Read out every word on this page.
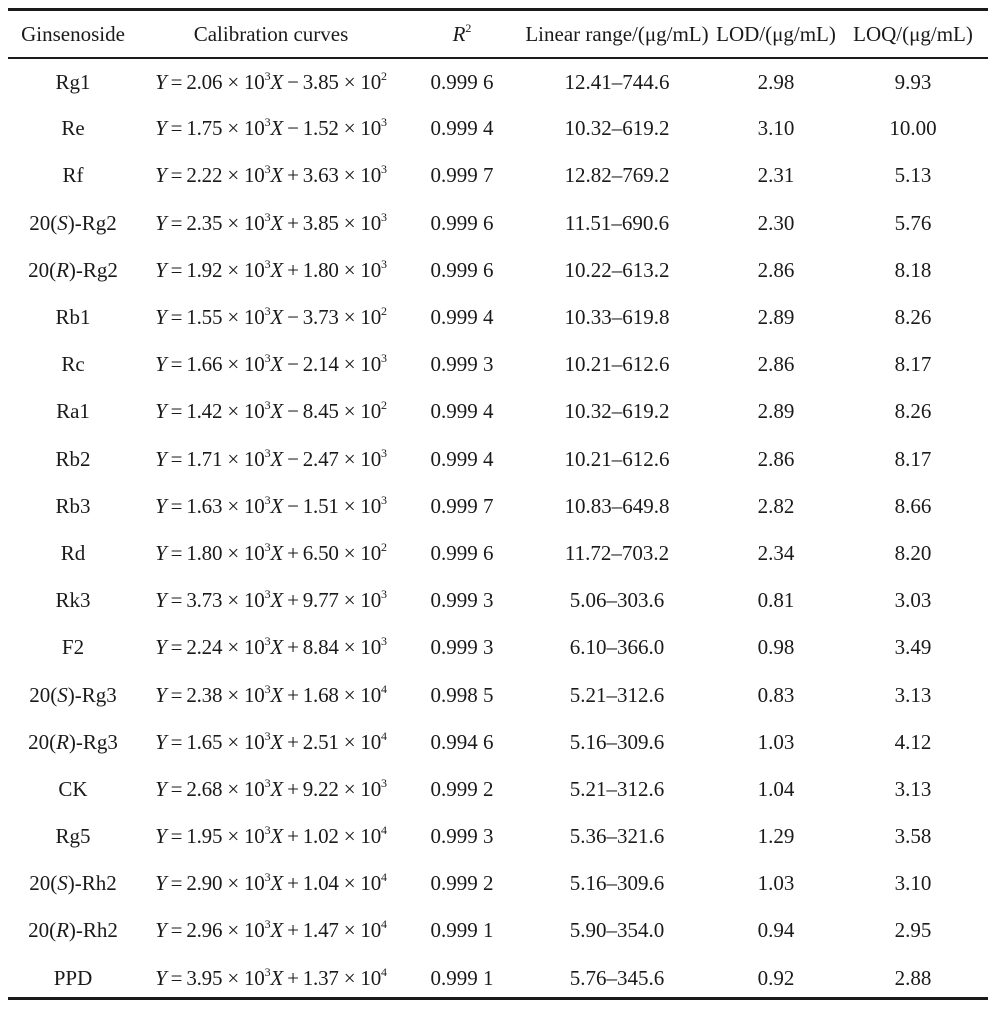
Ginsenoside	Calibration curves	$R^2$	Linear range/(μg/mL)	LOD/(μg/mL)	LOQ/(μg/mL)
Rg1	$Y = 2.06 \times 10^3X - 3.85 \times 10^2$	0.999 6	12.41–744.6	2.98	9.93
Re	$Y = 1.75 \times 10^3X - 1.52 \times 10^3$	0.999 4	10.32–619.2	3.10	10.00
Rf	$Y = 2.22 \times 10^3X + 3.63 \times 10^3$	0.999 7	12.82–769.2	2.31	5.13
20(S)-Rg2	$Y = 2.35 \times 10^3X + 3.85 \times 10^3$	0.999 6	11.51–690.6	2.30	5.76
20(R)-Rg2	$Y = 1.92 \times 10^3X + 1.80 \times 10^3$	0.999 6	10.22–613.2	2.86	8.18
Rb1	$Y = 1.55 \times 10^3X - 3.73 \times 10^2$	0.999 4	10.33–619.8	2.89	8.26
Rc	$Y = 1.66 \times 10^3X - 2.14 \times 10^3$	0.999 3	10.21–612.6	2.86	8.17
Ra1	$Y = 1.42 \times 10^3X - 8.45 \times 10^2$	0.999 4	10.32–619.2	2.89	8.26
Rb2	$Y = 1.71 \times 10^3X - 2.47 \times 10^3$	0.999 4	10.21–612.6	2.86	8.17
Rb3	$Y = 1.63 \times 10^3X - 1.51 \times 10^3$	0.999 7	10.83–649.8	2.82	8.66
Rd	$Y = 1.80 \times 10^3X + 6.50 \times 10^2$	0.999 6	11.72–703.2	2.34	8.20
Rk3	$Y = 3.73 \times 10^3X + 9.77 \times 10^3$	0.999 3	5.06–303.6	0.81	3.03
F2	$Y = 2.24 \times 10^3X + 8.84 \times 10^3$	0.999 3	6.10–366.0	0.98	3.49
20(S)-Rg3	$Y = 2.38 \times 10^3X + 1.68 \times 10^4$	0.998 5	5.21–312.6	0.83	3.13
20(R)-Rg3	$Y = 1.65 \times 10^3X + 2.51 \times 10^4$	0.994 6	5.16–309.6	1.03	4.12
CK	$Y = 2.68 \times 10^3X + 9.22 \times 10^3$	0.999 2	5.21–312.6	1.04	3.13
Rg5	$Y = 1.95 \times 10^3X + 1.02 \times 10^4$	0.999 3	5.36–321.6	1.29	3.58
20(S)-Rh2	$Y = 2.90 \times 10^3X + 1.04 \times 10^4$	0.999 2	5.16–309.6	1.03	3.10
20(R)-Rh2	$Y = 2.96 \times 10^3X + 1.47 \times 10^4$	0.999 1	5.90–354.0	0.94	2.95
PPD	$Y = 3.95 \times 10^3X + 1.37 \times 10^4$	0.999 1	5.76–345.6	0.92	2.88
